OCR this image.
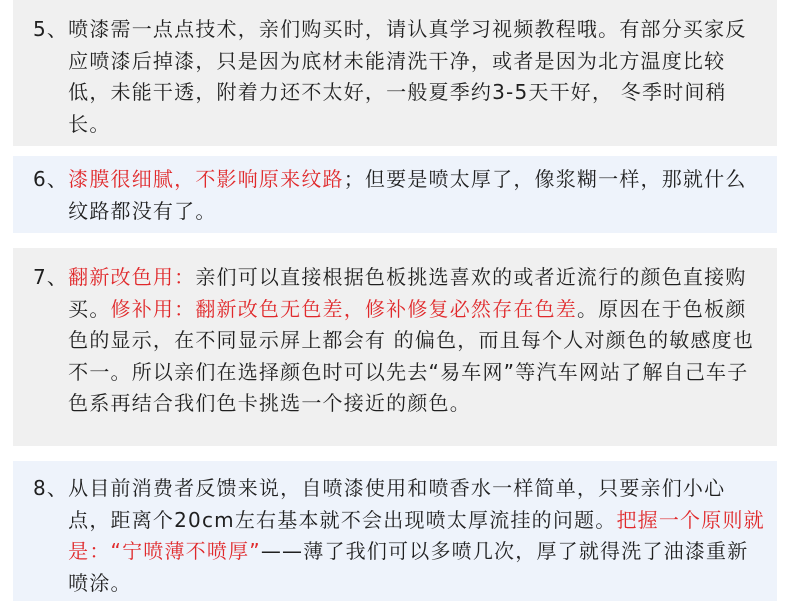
5、 喷漆需一点点技术，亲们购买时，请认真学习视频教程哦。有部分买家反应喷漆后掉漆，只是因为底材未能清洗干净，或者是因为北方温度比较低，未能干透，附着力还不太好，一般夏季约3-5天干好， 冬季时间稍长。

6、 漆膜很细腻，不影响原来纹路；但要是喷太厚了，像浆糊一样，那就什么纹路都没有了。

7、 翻新改色用：亲们可以直接根据色板挑选喜欢的或者近流行的颜色直接购买。修补用：翻新改色无色差，修补修复必然存在色差。原因在于色板颜色的显示，在不同显示屏上都会有 的偏色，而且每个人对颜色的敏感度也不一。所以亲们在选择颜色时可以先去“易车网”等汽车网站了解自己车子色系再结合我们色卡挑选一个接近的颜色。

8、 从目前消费者反馈来说，自喷漆使用和喷香水一样简单，只要亲们小心点，距离个20cm左右基本就不会出现喷太厚流挂的问题。把握一个原则就是：“宁喷薄不喷厚”——薄了我们可以多喷几次，厚了就得洗了油漆重新喷涂。
